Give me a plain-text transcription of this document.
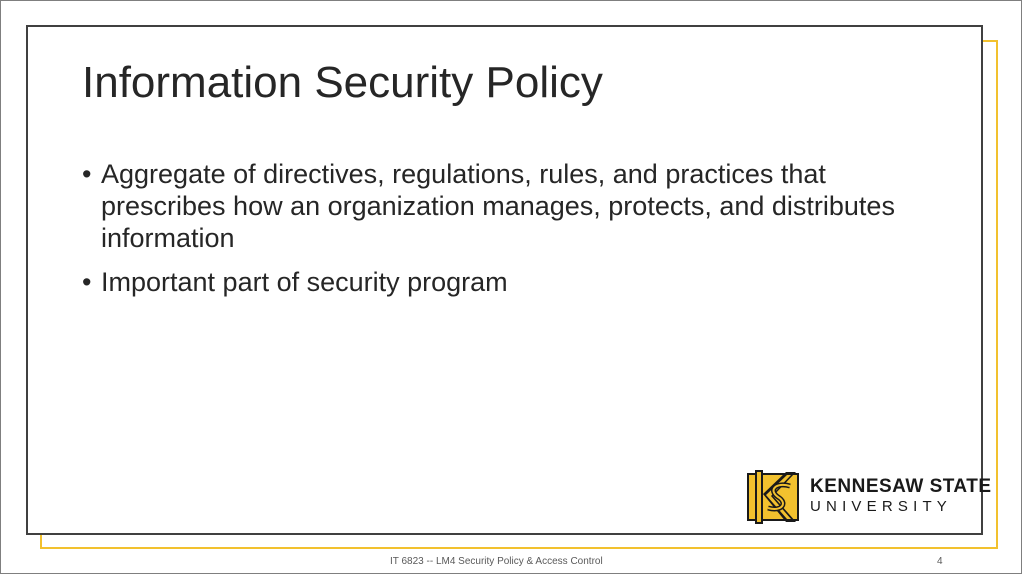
Information Security Policy
• Aggregate of directives, regulations, rules, and practices that prescribes how an organization manages, protects, and distributes information
• Important part of security program
KENNESAW STATE
UNIVERSITY
IT 6823 -- LM4 Security Policy & Access Control	4
